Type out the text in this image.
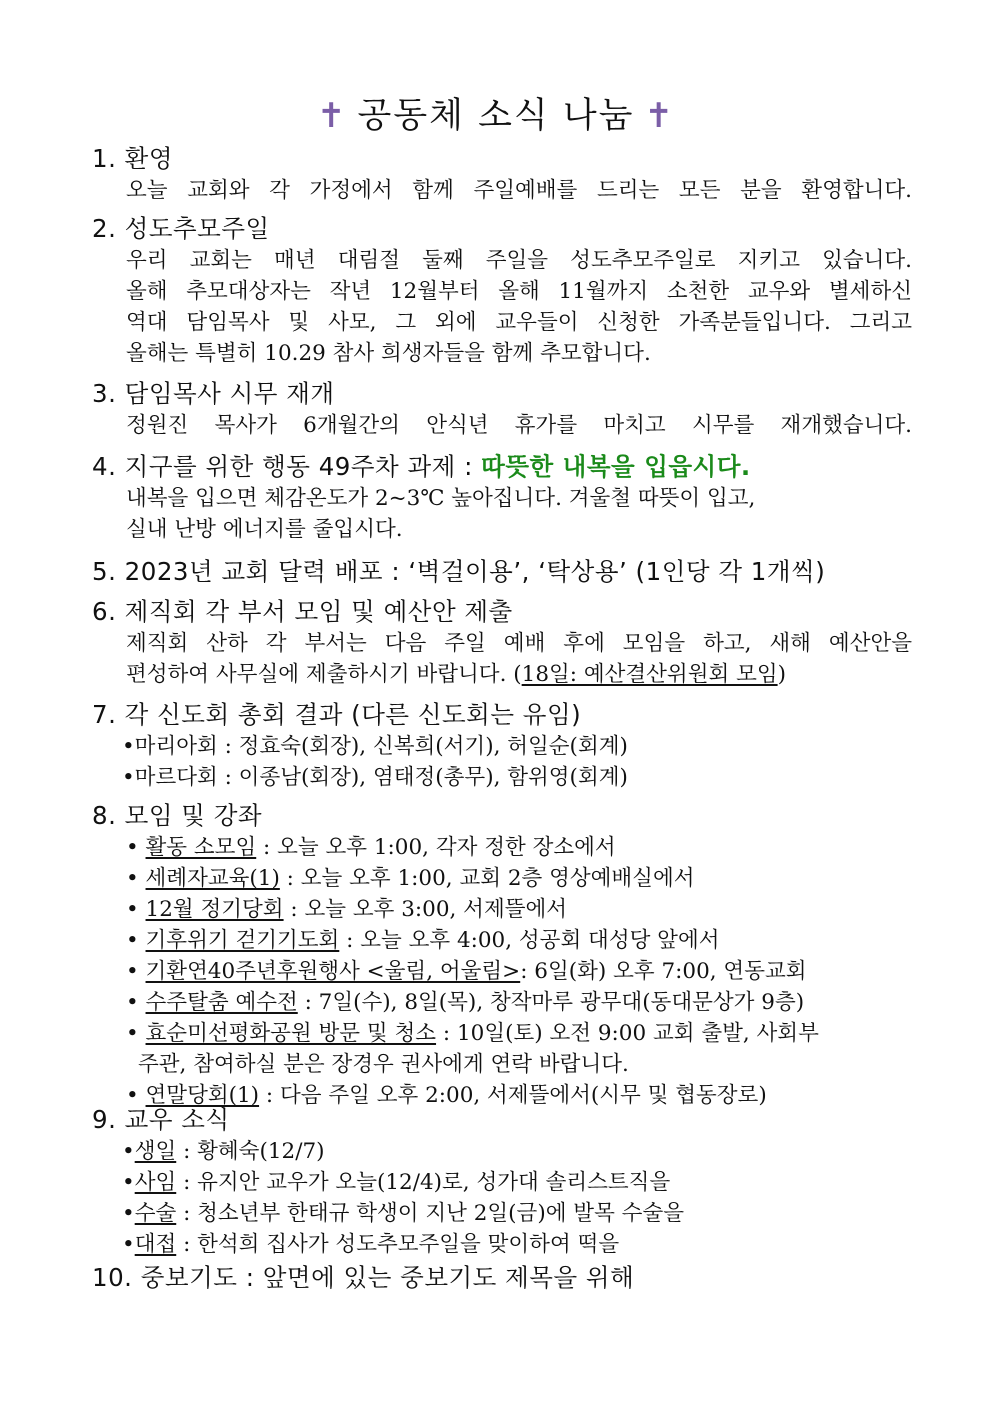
✝ 공동체 소식 나눔 ✝
1. 환영
오늘 교회와 각 가정에서 함께 주일예배를 드리는 모든 분을 환영합니다.
2. 성도추모주일
우리 교회는 매년 대림절 둘째 주일을 성도추모주일로 지키고 있습니다.
올해 추모대상자는 작년 12월부터 올해 11월까지 소천한 교우와 별세하신
역대 담임목사 및 사모, 그 외에 교우들이 신청한 가족분들입니다. 그리고
올해는 특별히 10.29 참사 희생자들을 함께 추모합니다.
3. 담임목사 시무 재개
정원진 목사가 6개월간의 안식년 휴가를 마치고 시무를 재개했습니다.
4. 지구를 위한 행동 49주차 과제 : 따뜻한 내복을 입읍시다.
내복을 입으면 체감온도가 2~3℃ 높아집니다. 겨울철 따뜻이 입고,
실내 난방 에너지를 줄입시다.
5. 2023년 교회 달력 배포 : ‘벽걸이용’, ‘탁상용’ (1인당 각 1개씩)
6. 제직회 각 부서 모임 및 예산안 제출
제직회 산하 각 부서는 다음 주일 예배 후에 모임을 하고, 새해 예산안을
편성하여 사무실에 제출하시기 바랍니다. (18일: 예산결산위원회 모임)
7. 각 신도회 총회 결과 (다른 신도회는 유임)
•마리아회 : 정효숙(회장), 신복희(서기), 허일순(회계)
•마르다회 : 이종남(회장), 염태정(총무), 함위영(회계)
8. 모임 및 강좌
• 활동 소모임 : 오늘 오후 1:00, 각자 정한 장소에서
• 세례자교육(1) : 오늘 오후 1:00, 교회 2층 영상예배실에서
• 12월 정기당회 : 오늘 오후 3:00, 서제뜰에서
• 기후위기 걷기기도회 : 오늘 오후 4:00, 성공회 대성당 앞에서
• 기환연40주년후원행사 <울림, 어울림>: 6일(화) 오후 7:00, 연동교회
• 수주탈춤 예수전 : 7일(수), 8일(목), 창작마루 광무대(동대문상가 9층)
• 효순미선평화공원 방문 및 청소 : 10일(토) 오전 9:00 교회 출발, 사회부
주관, 참여하실 분은 장경우 권사에게 연락 바랍니다.
• 연말당회(1) : 다음 주일 오후 2:00, 서제뜰에서(시무 및 협동장로)
9. 교우 소식
•생일 : 황혜숙(12/7)
•사임 : 유지안 교우가 오늘(12/4)로, 성가대 솔리스트직을
•수술 : 청소년부 한태규 학생이 지난 2일(금)에 발목 수술을
•대접 : 한석희 집사가 성도추모주일을 맞이하여 떡을
10. 중보기도 : 앞면에 있는 중보기도 제목을 위해
